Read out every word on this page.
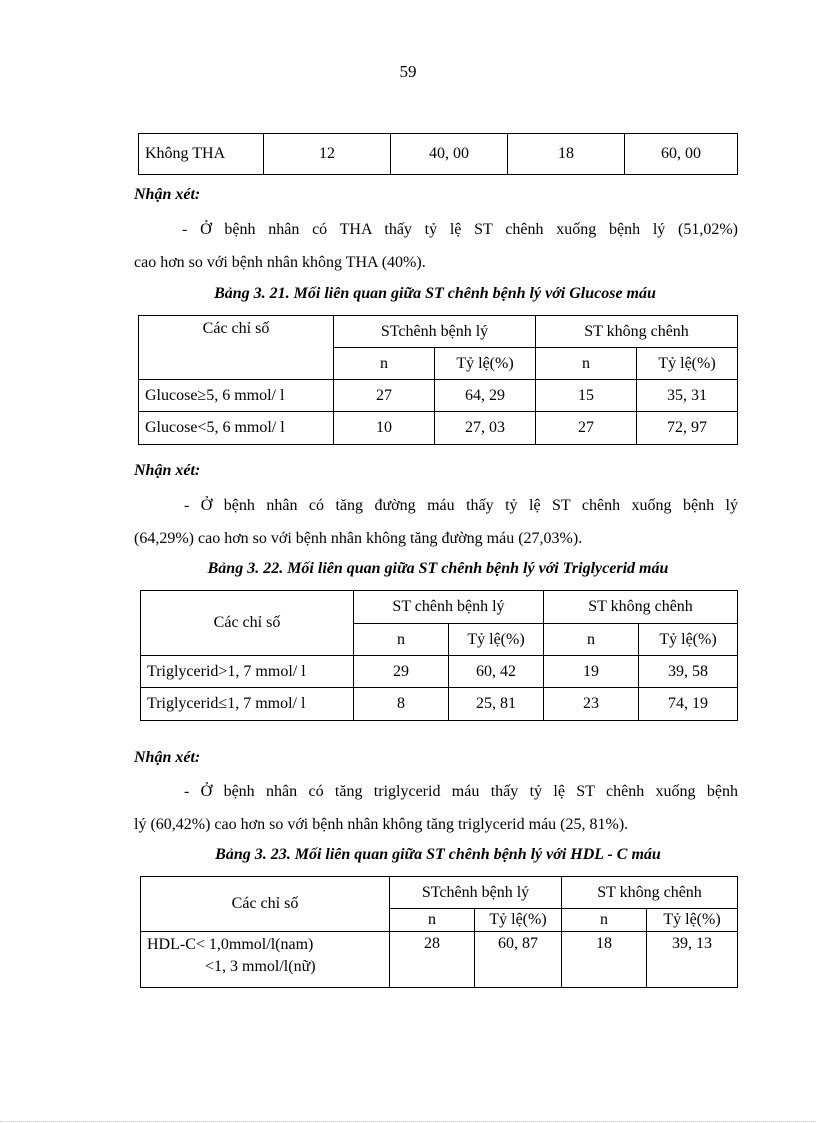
59
Không THA	12	40, 00	18	60, 00
Nhận xét:
- Ở bệnh nhân có THA thấy tỷ lệ ST chênh xuống bệnh lý (51,02%)
cao hơn so với bệnh nhân không THA (40%).
Bảng 3. 21. Mối liên quan giữa ST chênh bệnh lý với Glucose máu
Các chỉ số	STchênh bệnh lý		ST không chênh	
	n	Tỷ lệ(%)	n	Tỷ lệ(%)
Glucose≥5, 6 mmol/ l	27	64, 29	15	35, 31
Glucose<5, 6 mmol/ l	10	27, 03	27	72, 97
Nhận xét:
- Ở bệnh nhân có tăng đường máu thấy tỷ lệ ST chênh xuống bệnh lý
(64,29%) cao hơn so với bệnh nhân không tăng đường máu (27,03%).
Bảng 3. 22. Mối liên quan giữa ST chênh bệnh lý với Triglycerid máu
Các chỉ số	ST chênh bệnh lý		ST không chênh	
	n	Tỷ lệ(%)	n	Tỷ lệ(%)
Triglycerid>1, 7 mmol/ l	29	60, 42	19	39, 58
Triglycerid≤1, 7 mmol/ l	8	25, 81	23	74, 19
Nhận xét:
- Ở bệnh nhân có tăng triglycerid máu thấy tỷ lệ ST chênh xuống bệnh
lý (60,42%) cao hơn so với bệnh nhân không tăng triglycerid máu (25, 81%).
Bảng 3. 23. Mối liên quan giữa ST chênh bệnh lý với HDL - C máu
Các chỉ số	STchênh bệnh lý		ST không chênh	
	n	Tỷ lệ(%)	n	Tỷ lệ(%)

HDL-C< 1,0mmol/l(nam)
<1, 3 mmol/l(nữ)	28	60, 87	18	39, 13
